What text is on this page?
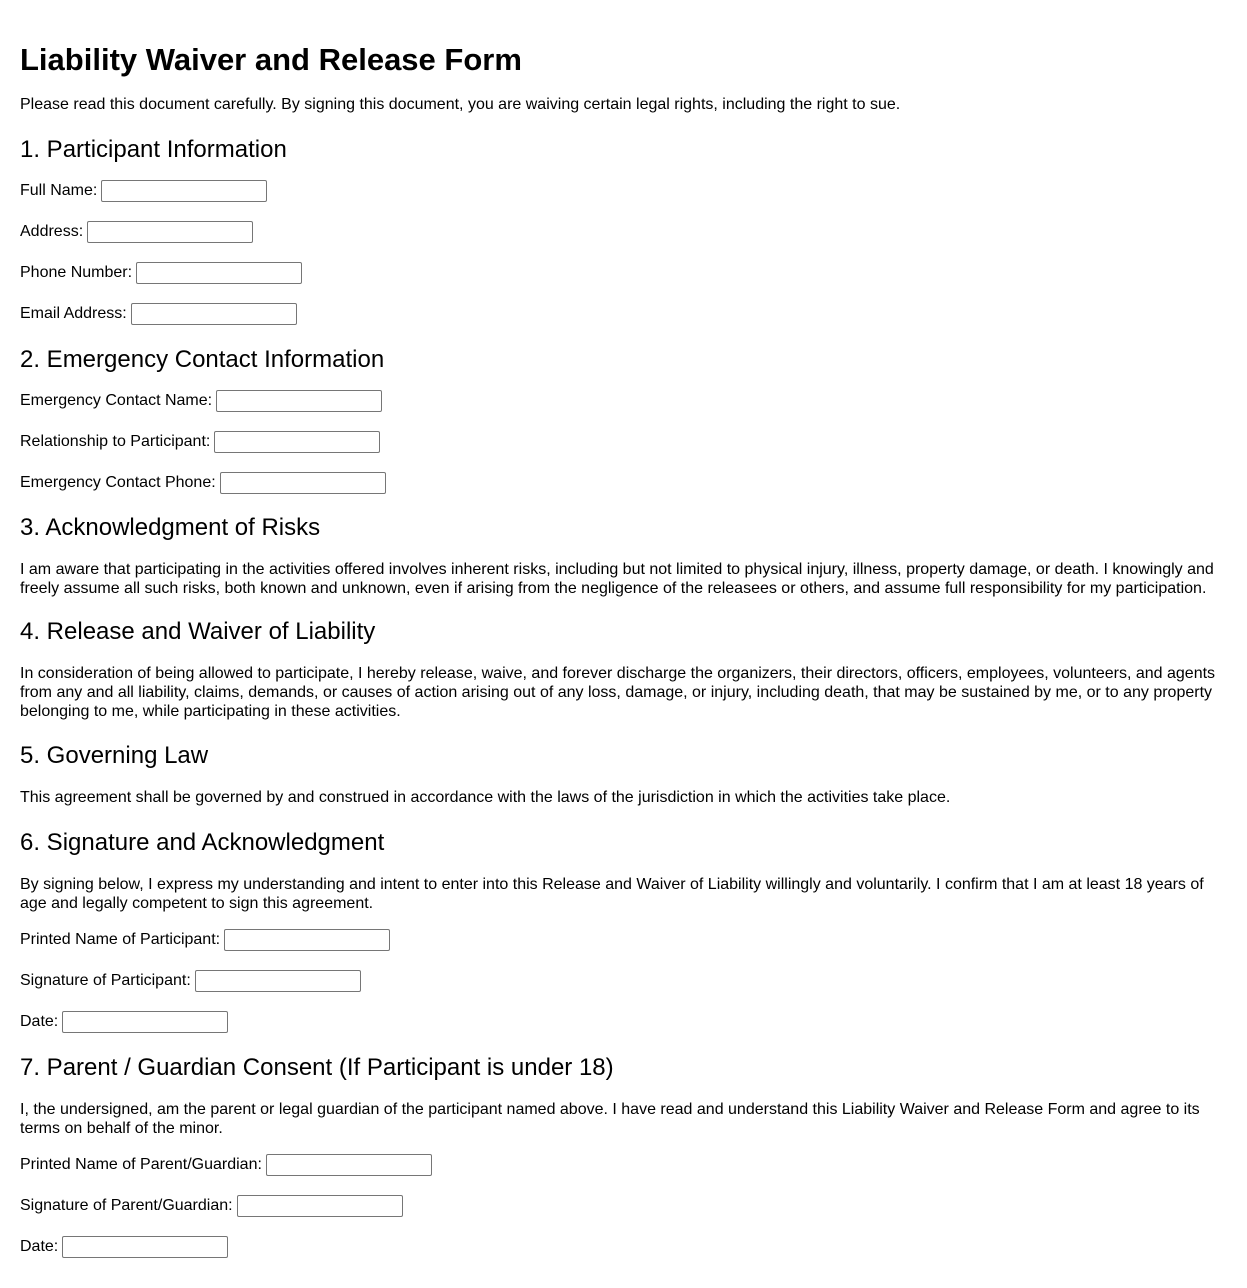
Liability Waiver and Release Form

Please read this document carefully. By signing this document, you are waiving certain legal rights, including the right to sue.

1. Participant Information
Full Name:
Address:
Phone Number:
Email Address:
2. Emergency Contact Information
Emergency Contact Name:
Relationship to Participant:
Emergency Contact Phone:
3. Acknowledgment of Risks

I am aware that participating in the activities offered involves inherent risks, including but not limited to physical injury, illness, property damage, or death. I knowingly and freely assume all such risks, both known and unknown, even if arising from the negligence of the releasees or others, and assume full responsibility for my participation.

4. Release and Waiver of Liability

In consideration of being allowed to participate, I hereby release, waive, and forever discharge the organizers, their directors, officers, employees, volunteers, and agents from any and all liability, claims, demands, or causes of action arising out of any loss, damage, or injury, including death, that may be sustained by me, or to any property belonging to me, while participating in these activities.

5. Governing Law

This agreement shall be governed by and construed in accordance with the laws of the jurisdiction in which the activities take place.

6. Signature and Acknowledgment

By signing below, I express my understanding and intent to enter into this Release and Waiver of Liability willingly and voluntarily. I confirm that I am at least 18 years of age and legally competent to sign this agreement.

Printed Name of Participant:
Signature of Participant:
Date:
7. Parent / Guardian Consent (If Participant is under 18)

I, the undersigned, am the parent or legal guardian of the participant named above. I have read and understand this Liability Waiver and Release Form and agree to its terms on behalf of the minor.

Printed Name of Parent/Guardian:
Signature of Parent/Guardian:
Date:
